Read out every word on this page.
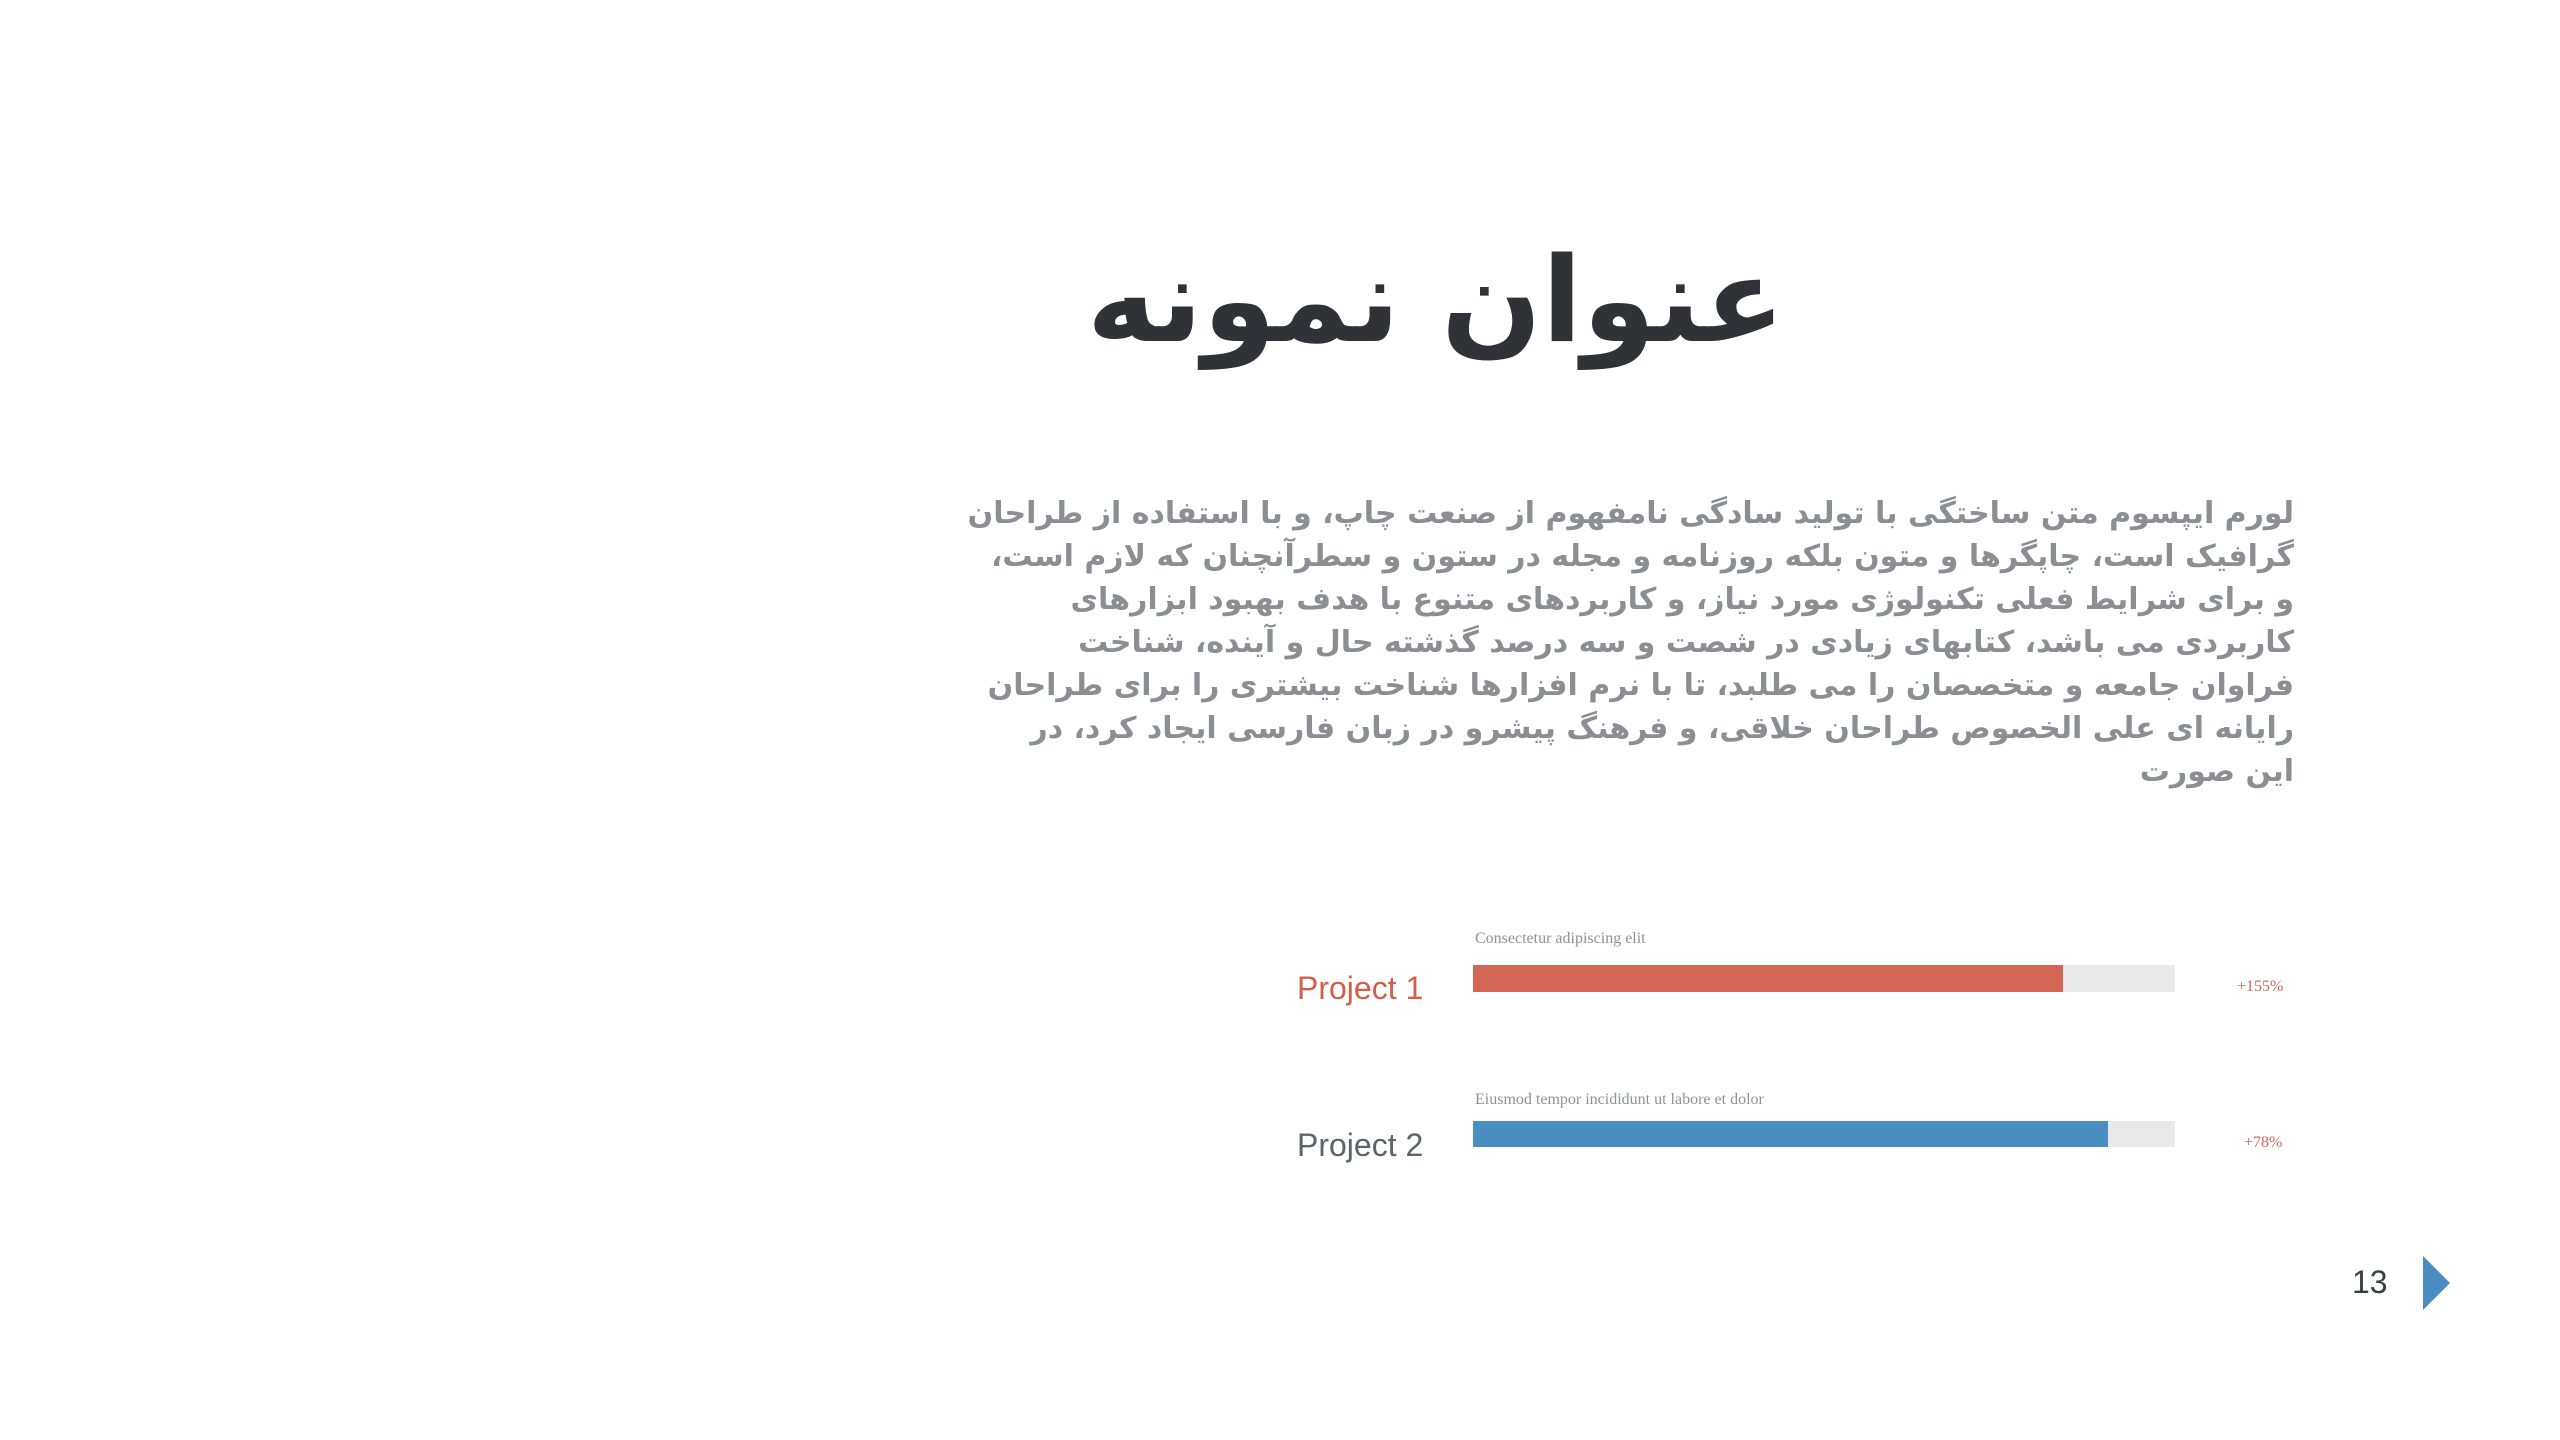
عنوان نمونه
لورم ایپسوم متن ساختگی با تولید سادگی نامفهوم از صنعت چاپ، و با استفاده از طراحان
گرافیک است، چاپگرها و متون بلکه روزنامه و مجله در ستون و سطرآنچنان که لازم است،
و برای شرایط فعلی تکنولوژی مورد نیاز، و کاربردهای متنوع با هدف بهبود ابزارهای
کاربردی می باشد، کتابهای زیادی در شصت و سه درصد گذشته حال و آینده، شناخت
فراوان جامعه و متخصصان را می طلبد، تا با نرم افزارها شناخت بیشتری را برای طراحان
رایانه ای علی الخصوص طراحان خلاقی، و فرهنگ پیشرو در زبان فارسی ایجاد کرد، در
این صورت
Consectetur adipiscing elit
Project 1	+155%
Eiusmod tempor incididunt ut labore et dolor
Project 2	+78%
13
